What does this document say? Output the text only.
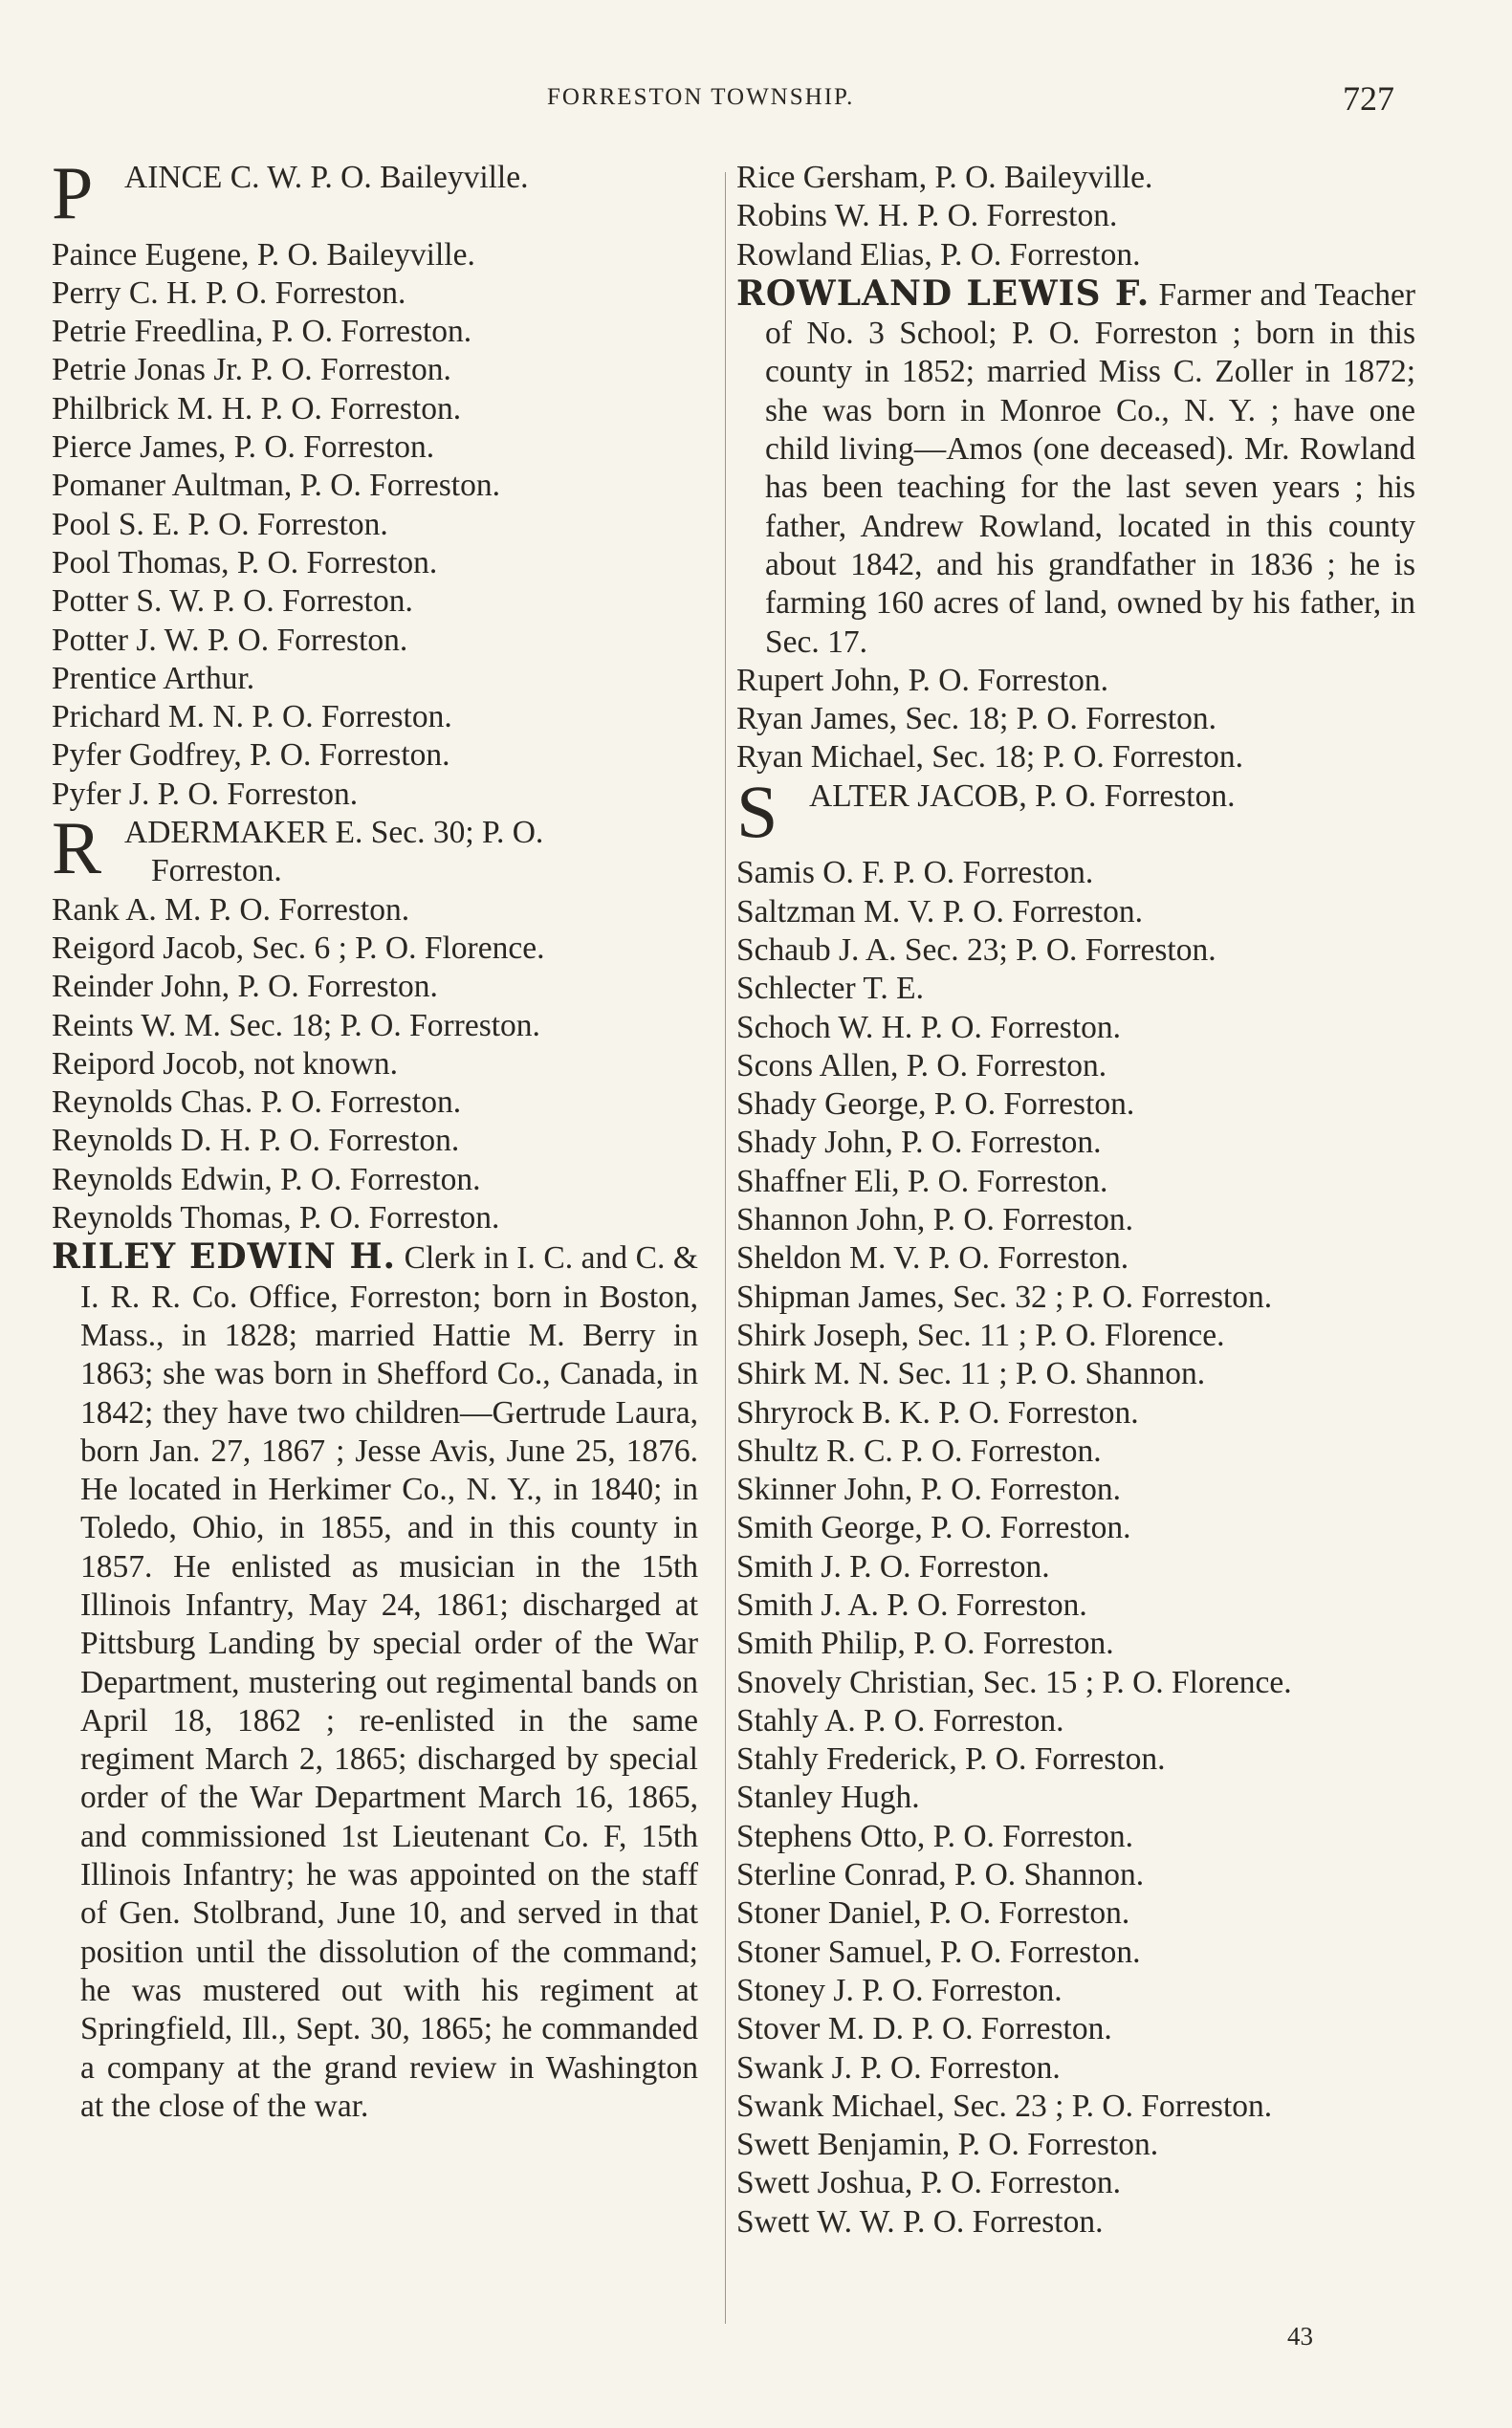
FORRESTON TOWNSHIP.	727
P AINCE C. W. P. O. Baileyville.
Paince Eugene, P. O. Baileyville.
Perry C. H. P. O. Forreston.
Petrie Freedlina, P. O. Forreston.
Petrie Jonas Jr. P. O. Forreston.
Philbrick M. H. P. O. Forreston.
Pierce James, P. O. Forreston.
Pomaner Aultman, P. O. Forreston.
Pool S. E. P. O. Forreston.
Pool Thomas, P. O. Forreston.
Potter S. W. P. O. Forreston.
Potter J. W. P. O. Forreston.
Prentice Arthur.
Prichard M. N. P. O. Forreston.
Pyfer Godfrey, P. O. Forreston.
Pyfer J. P. O. Forreston.
R ADERMAKER E. Sec. 30; P. O.
Forreston.
Rank A. M. P. O. Forreston.
Reigord Jacob, Sec. 6 ; P. O. Florence.
Reinder John, P. O. Forreston.
Reints W. M. Sec. 18; P. O. Forreston.
Reipord Jocob, not known.
Reynolds Chas. P. O. Forreston.
Reynolds D. H. P. O. Forreston.
Reynolds Edwin, P. O. Forreston.
Reynolds Thomas, P. O. Forreston.
RILEY EDWIN H. Clerk in I. C. and C. & I. R. R. Co. Office, Forreston; born in Boston, Mass., in 1828; married Hattie M. Berry in 1863; she was born in Shefford Co., Canada, in 1842; they have two children—Gertrude Laura, born Jan. 27, 1867 ; Jesse Avis, June 25, 1876. He located in Herkimer Co., N. Y., in 1840; in Toledo, Ohio, in 1855, and in this county in 1857. He enlisted as musician in the 15th Illinois Infantry, May 24, 1861; discharged at Pittsburg Landing by special order of the War Department, mustering out regimental bands on April 18, 1862 ; re-enlisted in the same regiment March 2, 1865; discharged by special order of the War Department March 16, 1865, and commissioned 1st Lieutenant Co. F, 15th Illinois Infantry; he was appointed on the staff of Gen. Stolbrand, June 10, and served in that position until the dissolution of the command; he was mustered out with his regiment at Springfield, Ill., Sept. 30, 1865; he commanded a company at the grand review in Washington at the close of the war.
Rice Gersham, P. O. Baileyville.
Robins W. H. P. O. Forreston.
Rowland Elias, P. O. Forreston.
ROWLAND LEWIS F. Farmer and Teacher of No. 3 School; P. O. Forreston ; born in this county in 1852; married Miss C. Zoller in 1872; she was born in Monroe Co., N. Y. ; have one child living—Amos (one deceased). Mr. Rowland has been teaching for the last seven years ; his father, Andrew Rowland, located in this county about 1842, and his grandfather in 1836 ; he is farming 160 acres of land, owned by his father, in Sec. 17.
Rupert John, P. O. Forreston.
Ryan James, Sec. 18; P. O. Forreston.
Ryan Michael, Sec. 18; P. O. Forreston.
S ALTER JACOB, P. O. Forreston.
Samis O. F. P. O. Forreston.
Saltzman M. V. P. O. Forreston.
Schaub J. A. Sec. 23; P. O. Forreston.
Schlecter T. E.
Schoch W. H. P. O. Forreston.
Scons Allen, P. O. Forreston.
Shady George, P. O. Forreston.
Shady John, P. O. Forreston.
Shaffner Eli, P. O. Forreston.
Shannon John, P. O. Forreston.
Sheldon M. V. P. O. Forreston.
Shipman James, Sec. 32 ; P. O. Forreston.
Shirk Joseph, Sec. 11 ; P. O. Florence.
Shirk M. N. Sec. 11 ; P. O. Shannon.
Shryrock B. K. P. O. Forreston.
Shultz R. C. P. O. Forreston.
Skinner John, P. O. Forreston.
Smith George, P. O. Forreston.
Smith J. P. O. Forreston.
Smith J. A. P. O. Forreston.
Smith Philip, P. O. Forreston.
Snovely Christian, Sec. 15 ; P. O. Florence.
Stahly A. P. O. Forreston.
Stahly Frederick, P. O. Forreston.
Stanley Hugh.
Stephens Otto, P. O. Forreston.
Sterline Conrad, P. O. Shannon.
Stoner Daniel, P. O. Forreston.
Stoner Samuel, P. O. Forreston.
Stoney J. P. O. Forreston.
Stover M. D. P. O. Forreston.
Swank J. P. O. Forreston.
Swank Michael, Sec. 23 ; P. O. Forreston.
Swett Benjamin, P. O. Forreston.
Swett Joshua, P. O. Forreston.
Swett W. W. P. O. Forreston.
43
